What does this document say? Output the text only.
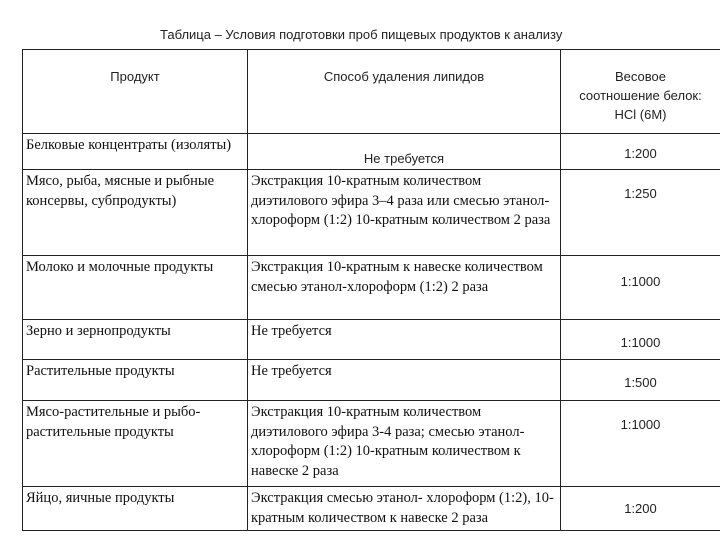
Таблица – Условия подготовки проб пищевых продуктов к анализу
Продукт	Способ удаления липидов	Весовое соотношение белок: HCl (6M)
Белковые концентраты (изоляты)	Не требуется	1:200
Мясо, рыба, мясные и рыбные консервы, субпродукты)	Экстракция 10-кратным количеством диэтилового эфира 3–4 раза или смесью этанол-хлороформ (1:2) 10-кратным количеством 2 раза	1:250
Молоко и молочные продукты	Экстракция 10-кратным к навеске количеством смесью этанол-хлороформ (1:2) 2 раза	1:1000
Зерно и зернопродукты	Не требуется	1:1000
Растительные продукты	Не требуется	1:500
Мясо-растительные и рыбо-растительные продукты	Экстракция 10-кратным количеством диэтилового эфира 3-4 раза; смесью этанол-хлороформ (1:2) 10-кратным количеством к навеске 2 раза	1:1000
Яйцо, яичные продукты	Экстракция смесью этанол- хлороформ (1:2), 10-кратным количеством к навеске 2 раза	1:200
